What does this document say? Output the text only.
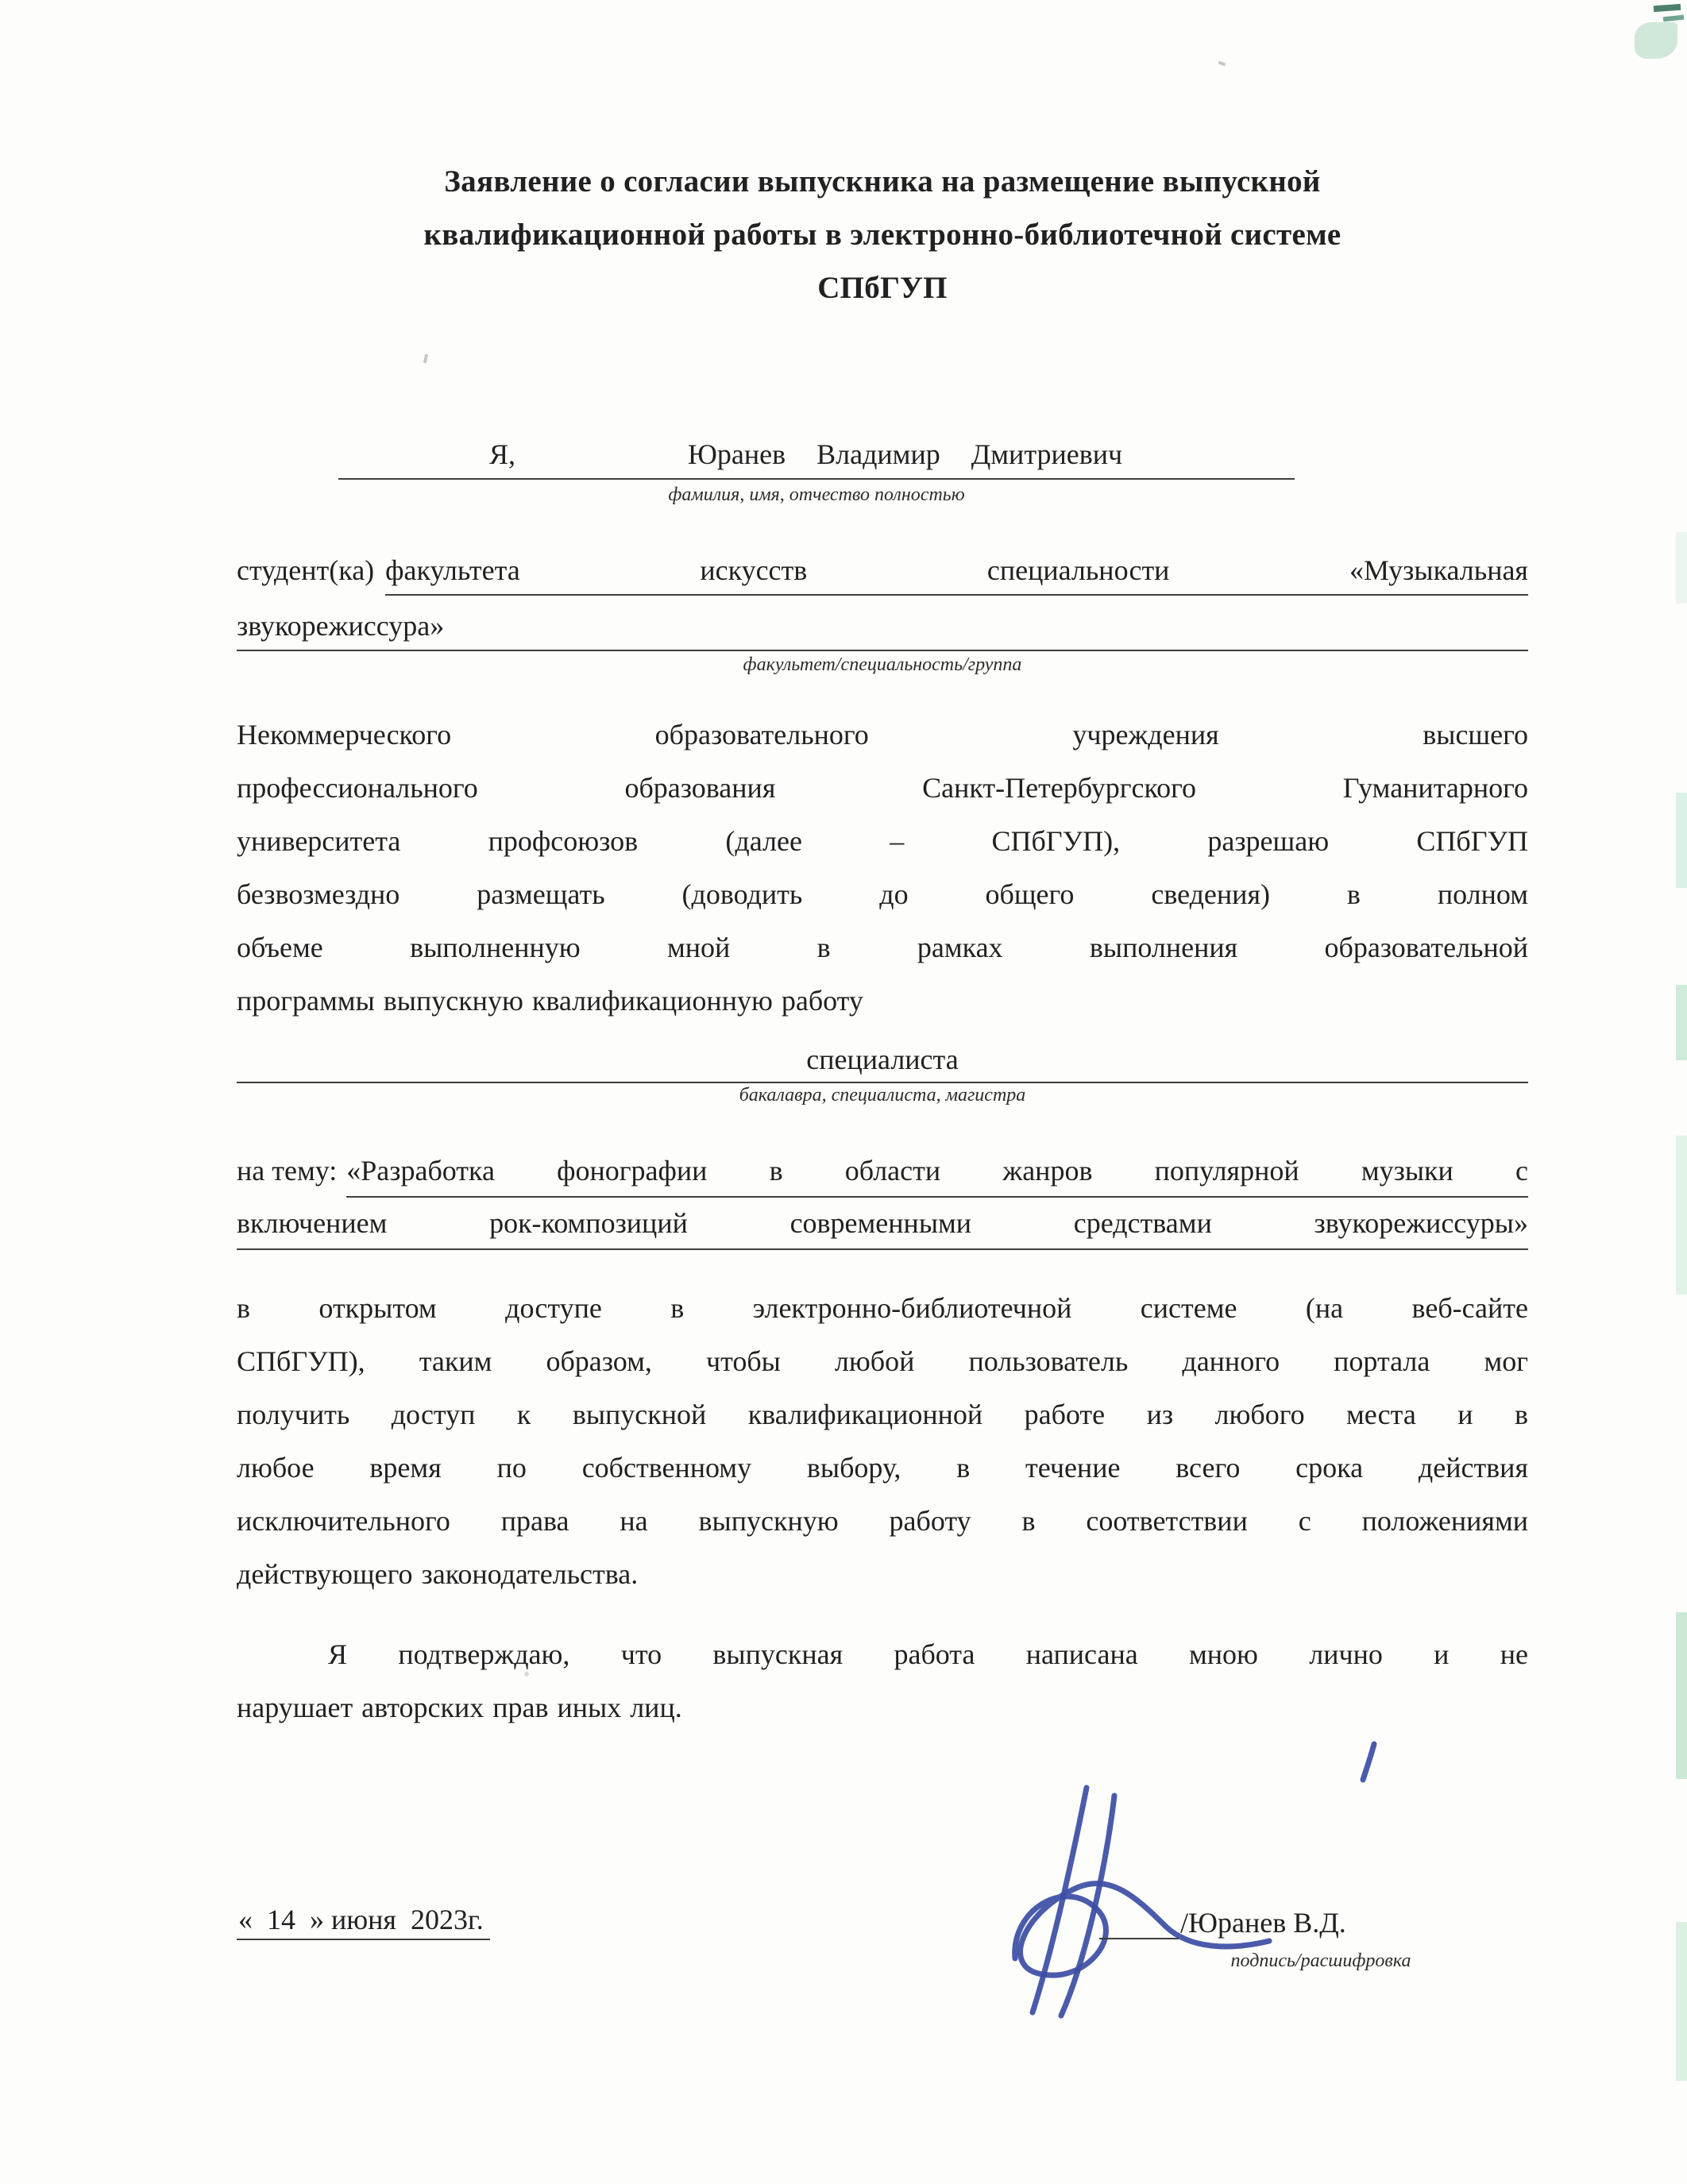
Заявление о согласии выпускника на размещение выпускной
квалификационной работы в электронно-библиотечной системе
СПбГУП
Я,	Юранев Владимир Дмитриевич
фамилия, имя, отчество полностью
студент(ка) факультета искусств специальности «Музыкальная
звукорежиссура»
факультет/специальность/группа
Некоммерческого образовательного учреждения высшего
профессионального образования Санкт-Петербургского Гуманитарного
университета профсоюзов (далее – СПбГУП), разрешаю СПбГУП
безвозмездно размещать (доводить до общего сведения) в полном
объеме выполненную мной в рамках выполнения образовательной
программы выпускную квалификационную работу
специалиста
бакалавра, специалиста, магистра
на тему: «Разработка фонографии в области жанров популярной музыки с
включением рок-композиций современными средствами звукорежиссуры»
в открытом доступе в электронно-библиотечной системе (на веб-сайте
СПбГУП), таким образом, чтобы любой пользователь данного портала мог
получить доступ к выпускной квалификационной работе из любого места и в
любое время по собственному выбору, в течение всего срока действия
исключительного права на выпускную работу в соответствии с положениями
действующего законодательства.
Я подтверждаю, что выпускная работа написана мною лично и не
нарушает авторских прав иных лиц.
«  14  » июня  2023г.	/Юранев В.Д.
подпись/расшифровка
